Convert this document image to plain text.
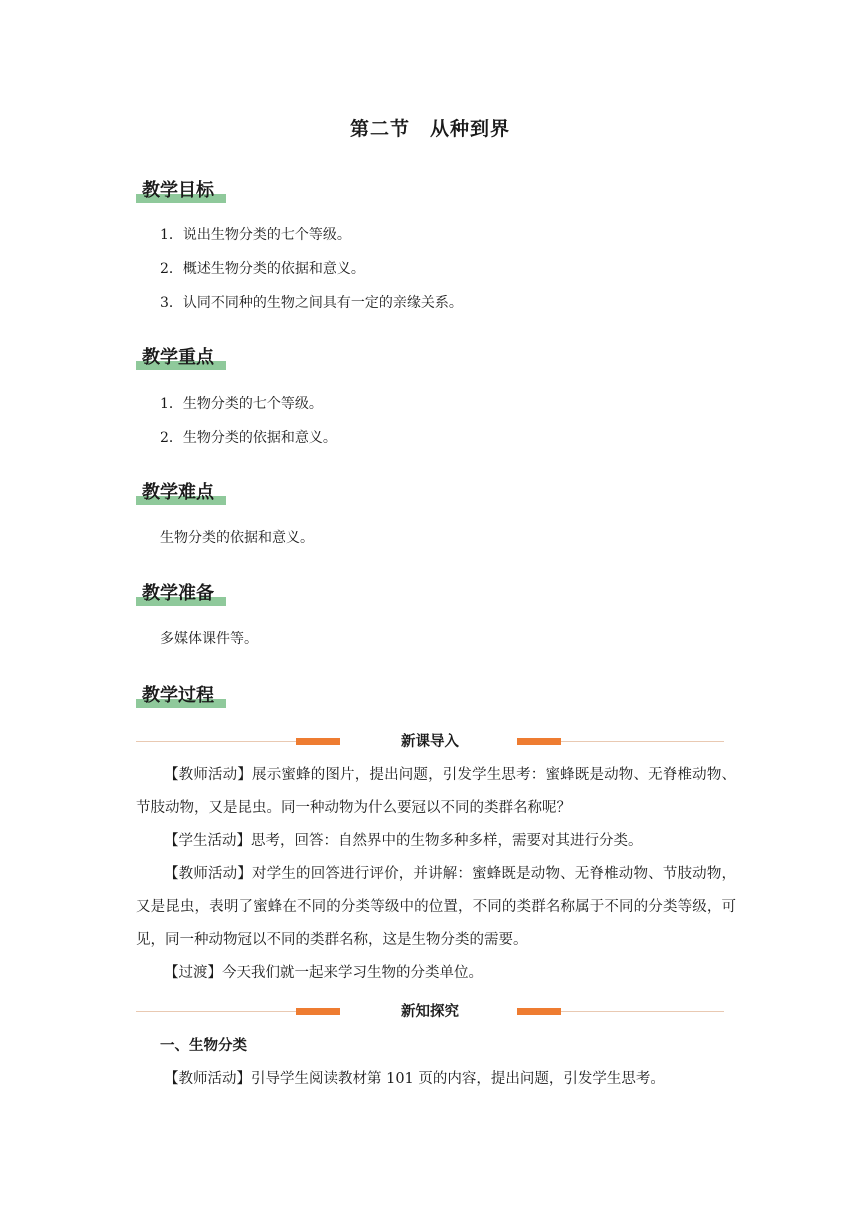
第二节　从种到界
教学目标
1．说出生物分类的七个等级。
2．概述生物分类的依据和意义。
3．认同不同种的生物之间具有一定的亲缘关系。
教学重点
1．生物分类的七个等级。
2．生物分类的依据和意义。
教学难点
生物分类的依据和意义。
教学准备
多媒体课件等。
教学过程
新课导入
【教师活动】展示蜜蜂的图片，提出问题，引发学生思考：蜜蜂既是动物、无脊椎动物、节肢动物，又是昆虫。同一种动物为什么要冠以不同的类群名称呢？
【学生活动】思考，回答：自然界中的生物多种多样，需要对其进行分类。
【教师活动】对学生的回答进行评价，并讲解：蜜蜂既是动物、无脊椎动物、节肢动物，又是昆虫，表明了蜜蜂在不同的分类等级中的位置，不同的类群名称属于不同的分类等级，可见，同一种动物冠以不同的类群名称，这是生物分类的需要。
【过渡】今天我们就一起来学习生物的分类单位。
新知探究
一、生物分类
【教师活动】引导学生阅读教材第 101 页的内容，提出问题，引发学生思考。
